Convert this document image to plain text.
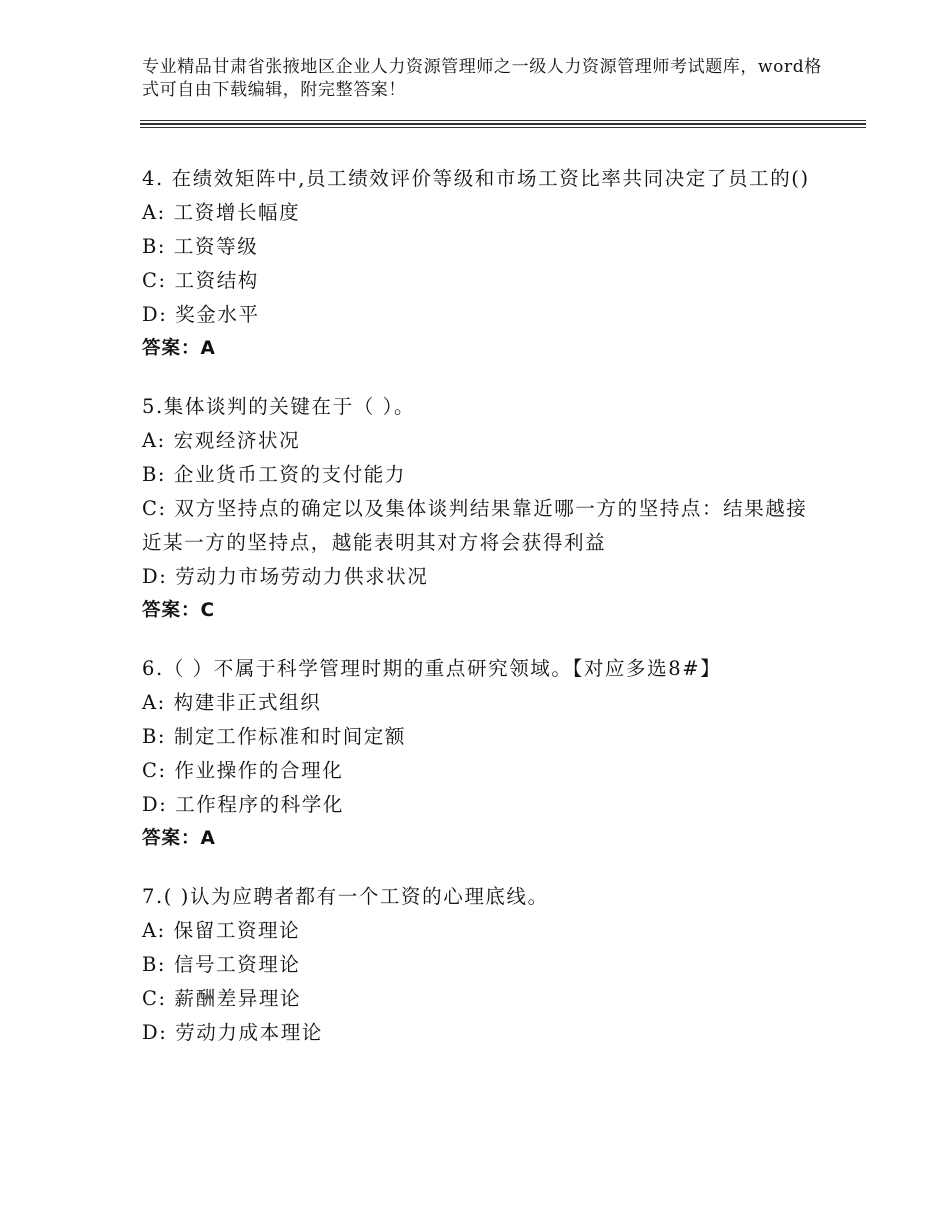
专业精品甘肃省张掖地区企业人力资源管理师之一级人力资源管理师考试题库，word格式可自由下载编辑，附完整答案！

4. 在绩效矩阵中,员工绩效评价等级和市场工资比率共同决定了员工的()

A: 工资增长幅度

B: 工资等级

C: 工资结构

D: 奖金水平

答案：A

5.集体谈判的关键在于（ ）。

A: 宏观经济状况

B: 企业货币工资的支付能力

C: 双方坚持点的确定以及集体谈判结果靠近哪一方的坚持点：结果越接近某一方的坚持点，越能表明其对方将会获得利益

D: 劳动力市场劳动力供求状况

答案：C

6.（ ）不属于科学管理时期的重点研究领域。【对应多选8#】

A: 构建非正式组织

B: 制定工作标准和时间定额

C: 作业操作的合理化

D: 工作程序的科学化

答案：A

7.( )认为应聘者都有一个工资的心理底线。

A: 保留工资理论

B: 信号工资理论

C: 薪酬差异理论

D: 劳动力成本理论
